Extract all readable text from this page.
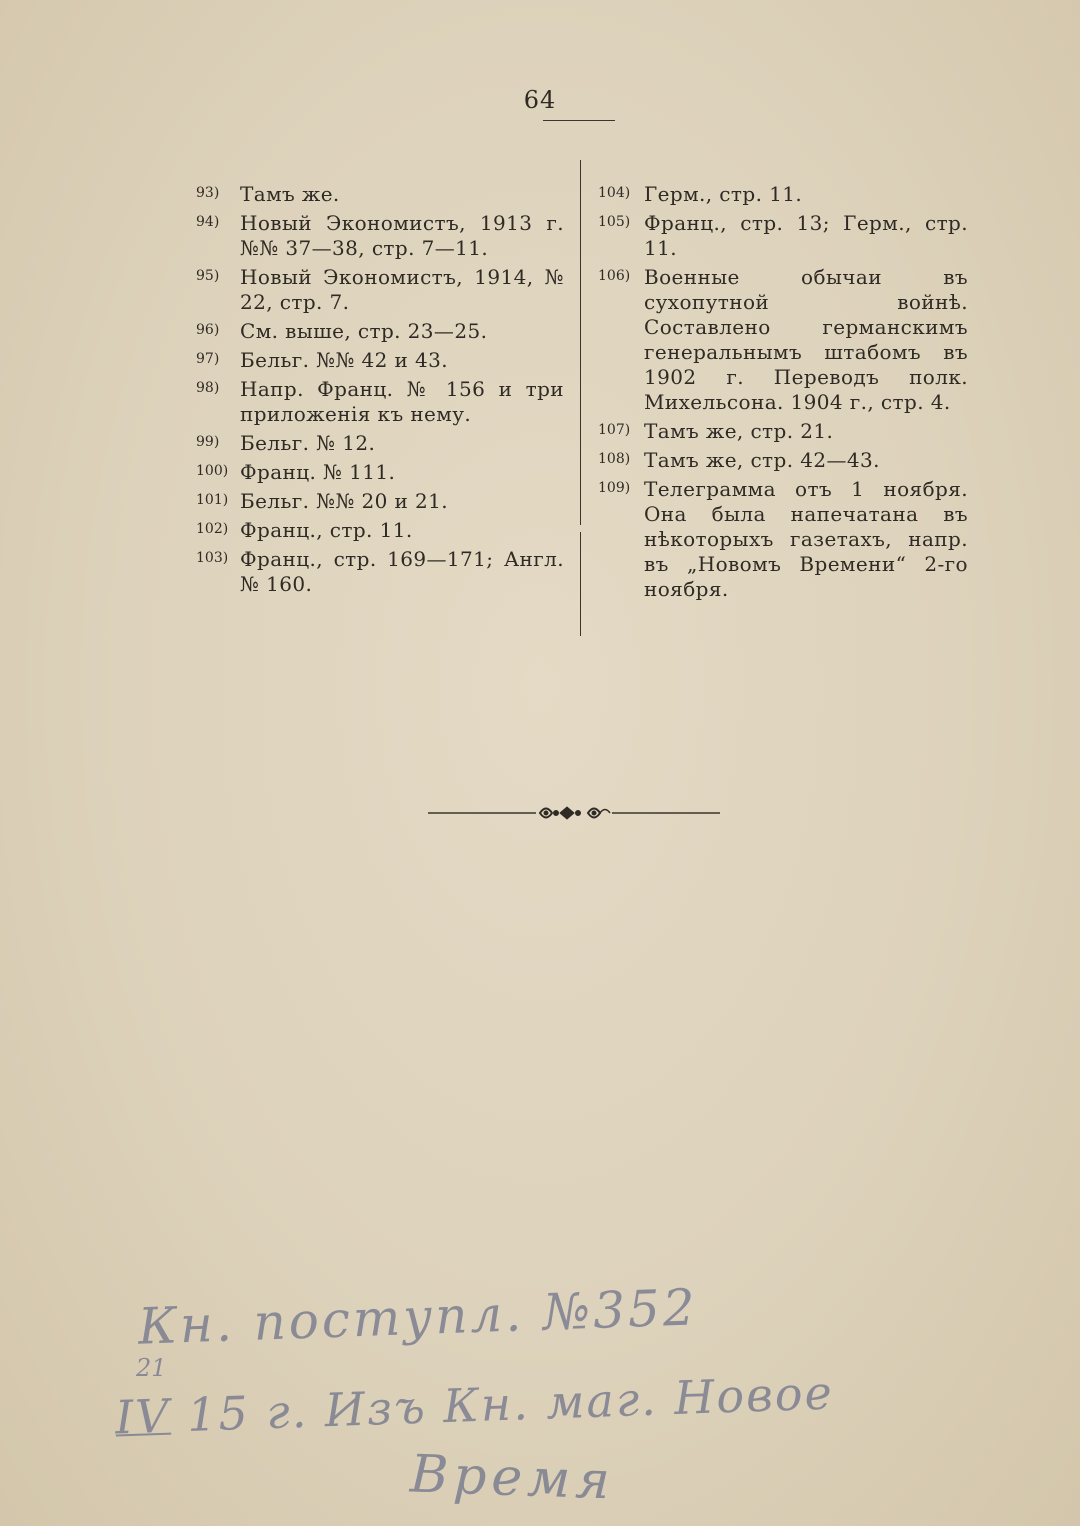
64
93)	Тамъ же.
94)	Новый Экономистъ, 1913 г. №№ 37—38, стр. 7—11.
95)	Новый Экономистъ, 1914, № 22, стр. 7.
96)	См. выше, стр. 23—25.
97)	Бельг. №№ 42 и 43.
98)	Напр. Франц. № 156 и три приложенія къ нему.
99)	Бельг. № 12.
100) Франц. № 111.
101) Бельг. №№ 20 и 21.
102) Франц., стр. 11.
103) Франц., стр. 169—171; Англ. № 160.
104) Герм., стр. 11.
105) Франц., стр. 13; Герм., стр. 11.
106) Военные обычаи въ сухопутной войнѣ. Составлено германскимъ генеральнымъ штабомъ въ 1902 г. Переводъ полк. Михельсона. 1904 г., стр. 4.
107) Тамъ же, стр. 21.
108) Тамъ же, стр. 42—43.
109) Телеграмма отъ 1 ноября. Она была напечатана въ нѣкоторыхъ газетахъ, напр. въ „Новомъ Времени“ 2-го ноября.
Кн. поступл. №352
21
IV 15 г. Изъ Кн. маг. Новое
Время
